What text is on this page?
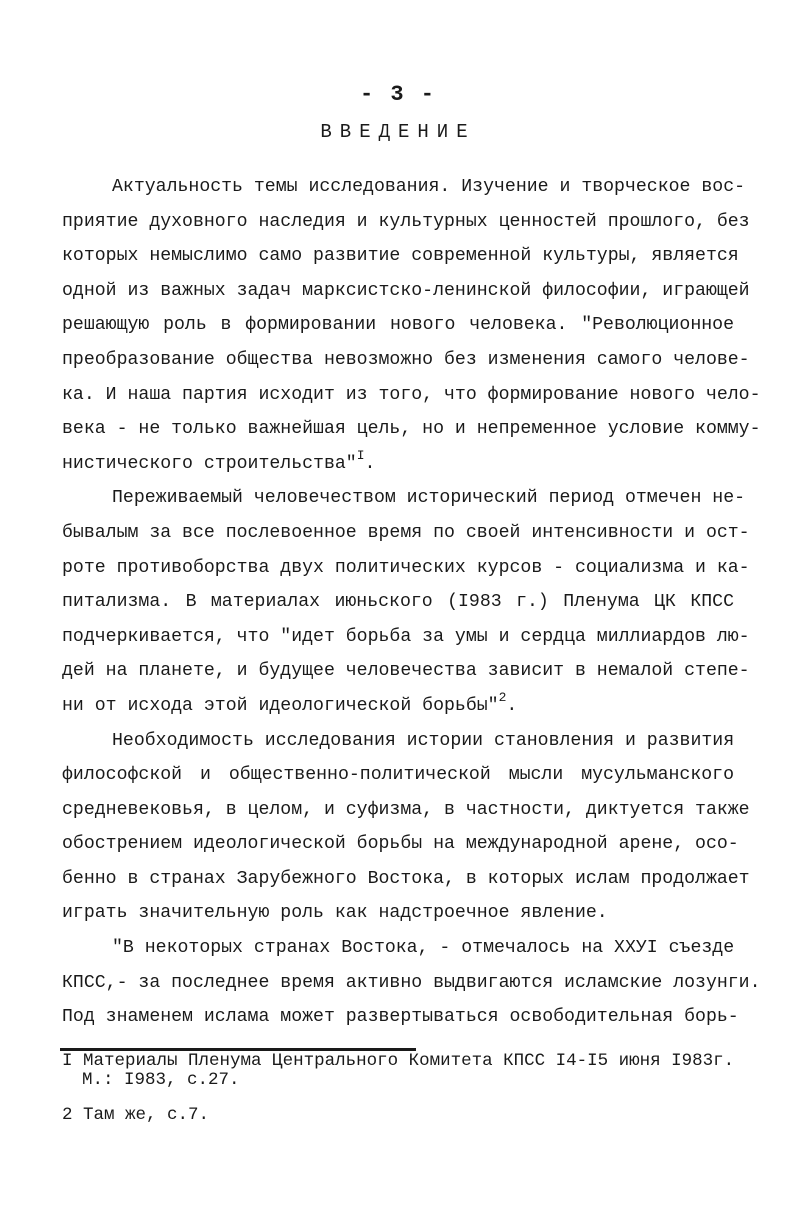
- 3 -
ВВЕДЕНИЕ
Актуальность темы исследования. Изучение и творческое вос-
приятие духовного наследия и культурных ценностей прошлого, без
которых немыслимо само развитие современной культуры, является
одной из важных задач марксистско-ленинской философии, играющей
решающую роль в формировании нового человека. "Революционное
преобразование общества невозможно без изменения самого челове-
ка. И наша партия исходит из того, что формирование нового чело-
века - не только важнейшая цель, но и непременное условие комму-
нистического строительства"$^I$.
Переживаемый человечеством исторический период отмечен не-
бывалым за все послевоенное время по своей интенсивности и ост-
роте противоборства двух политических курсов - социализма и ка-
питализма. В материалах июньского (I983 г.) Пленума ЦК КПСС
подчеркивается, что "идет борьба за умы и сердца миллиардов лю-
дей на планете, и будущее человечества зависит в немалой степе-
ни от исхода этой идеологической борьбы"$^2$.
Необходимость исследования истории становления и развития
философской и общественно-политической мысли мусульманского
средневековья, в целом, и суфизма, в частности, диктуется также
обострением идеологической борьбы на международной арене, осо-
бенно в странах Зарубежного Востока, в которых ислам продолжает
играть значительную роль как надстроечное явление.
"В некоторых странах Востока, - отмечалось на ХХУI съезде
КПСС,- за последнее время активно выдвигаются исламские лозунги.
Под знаменем ислама может развертываться освободительная борь-
I Материалы Пленума Центрального Комитета КПСС I4-I5 июня I983г.
М.: I983, с.27.
2 Там же, с.7.
